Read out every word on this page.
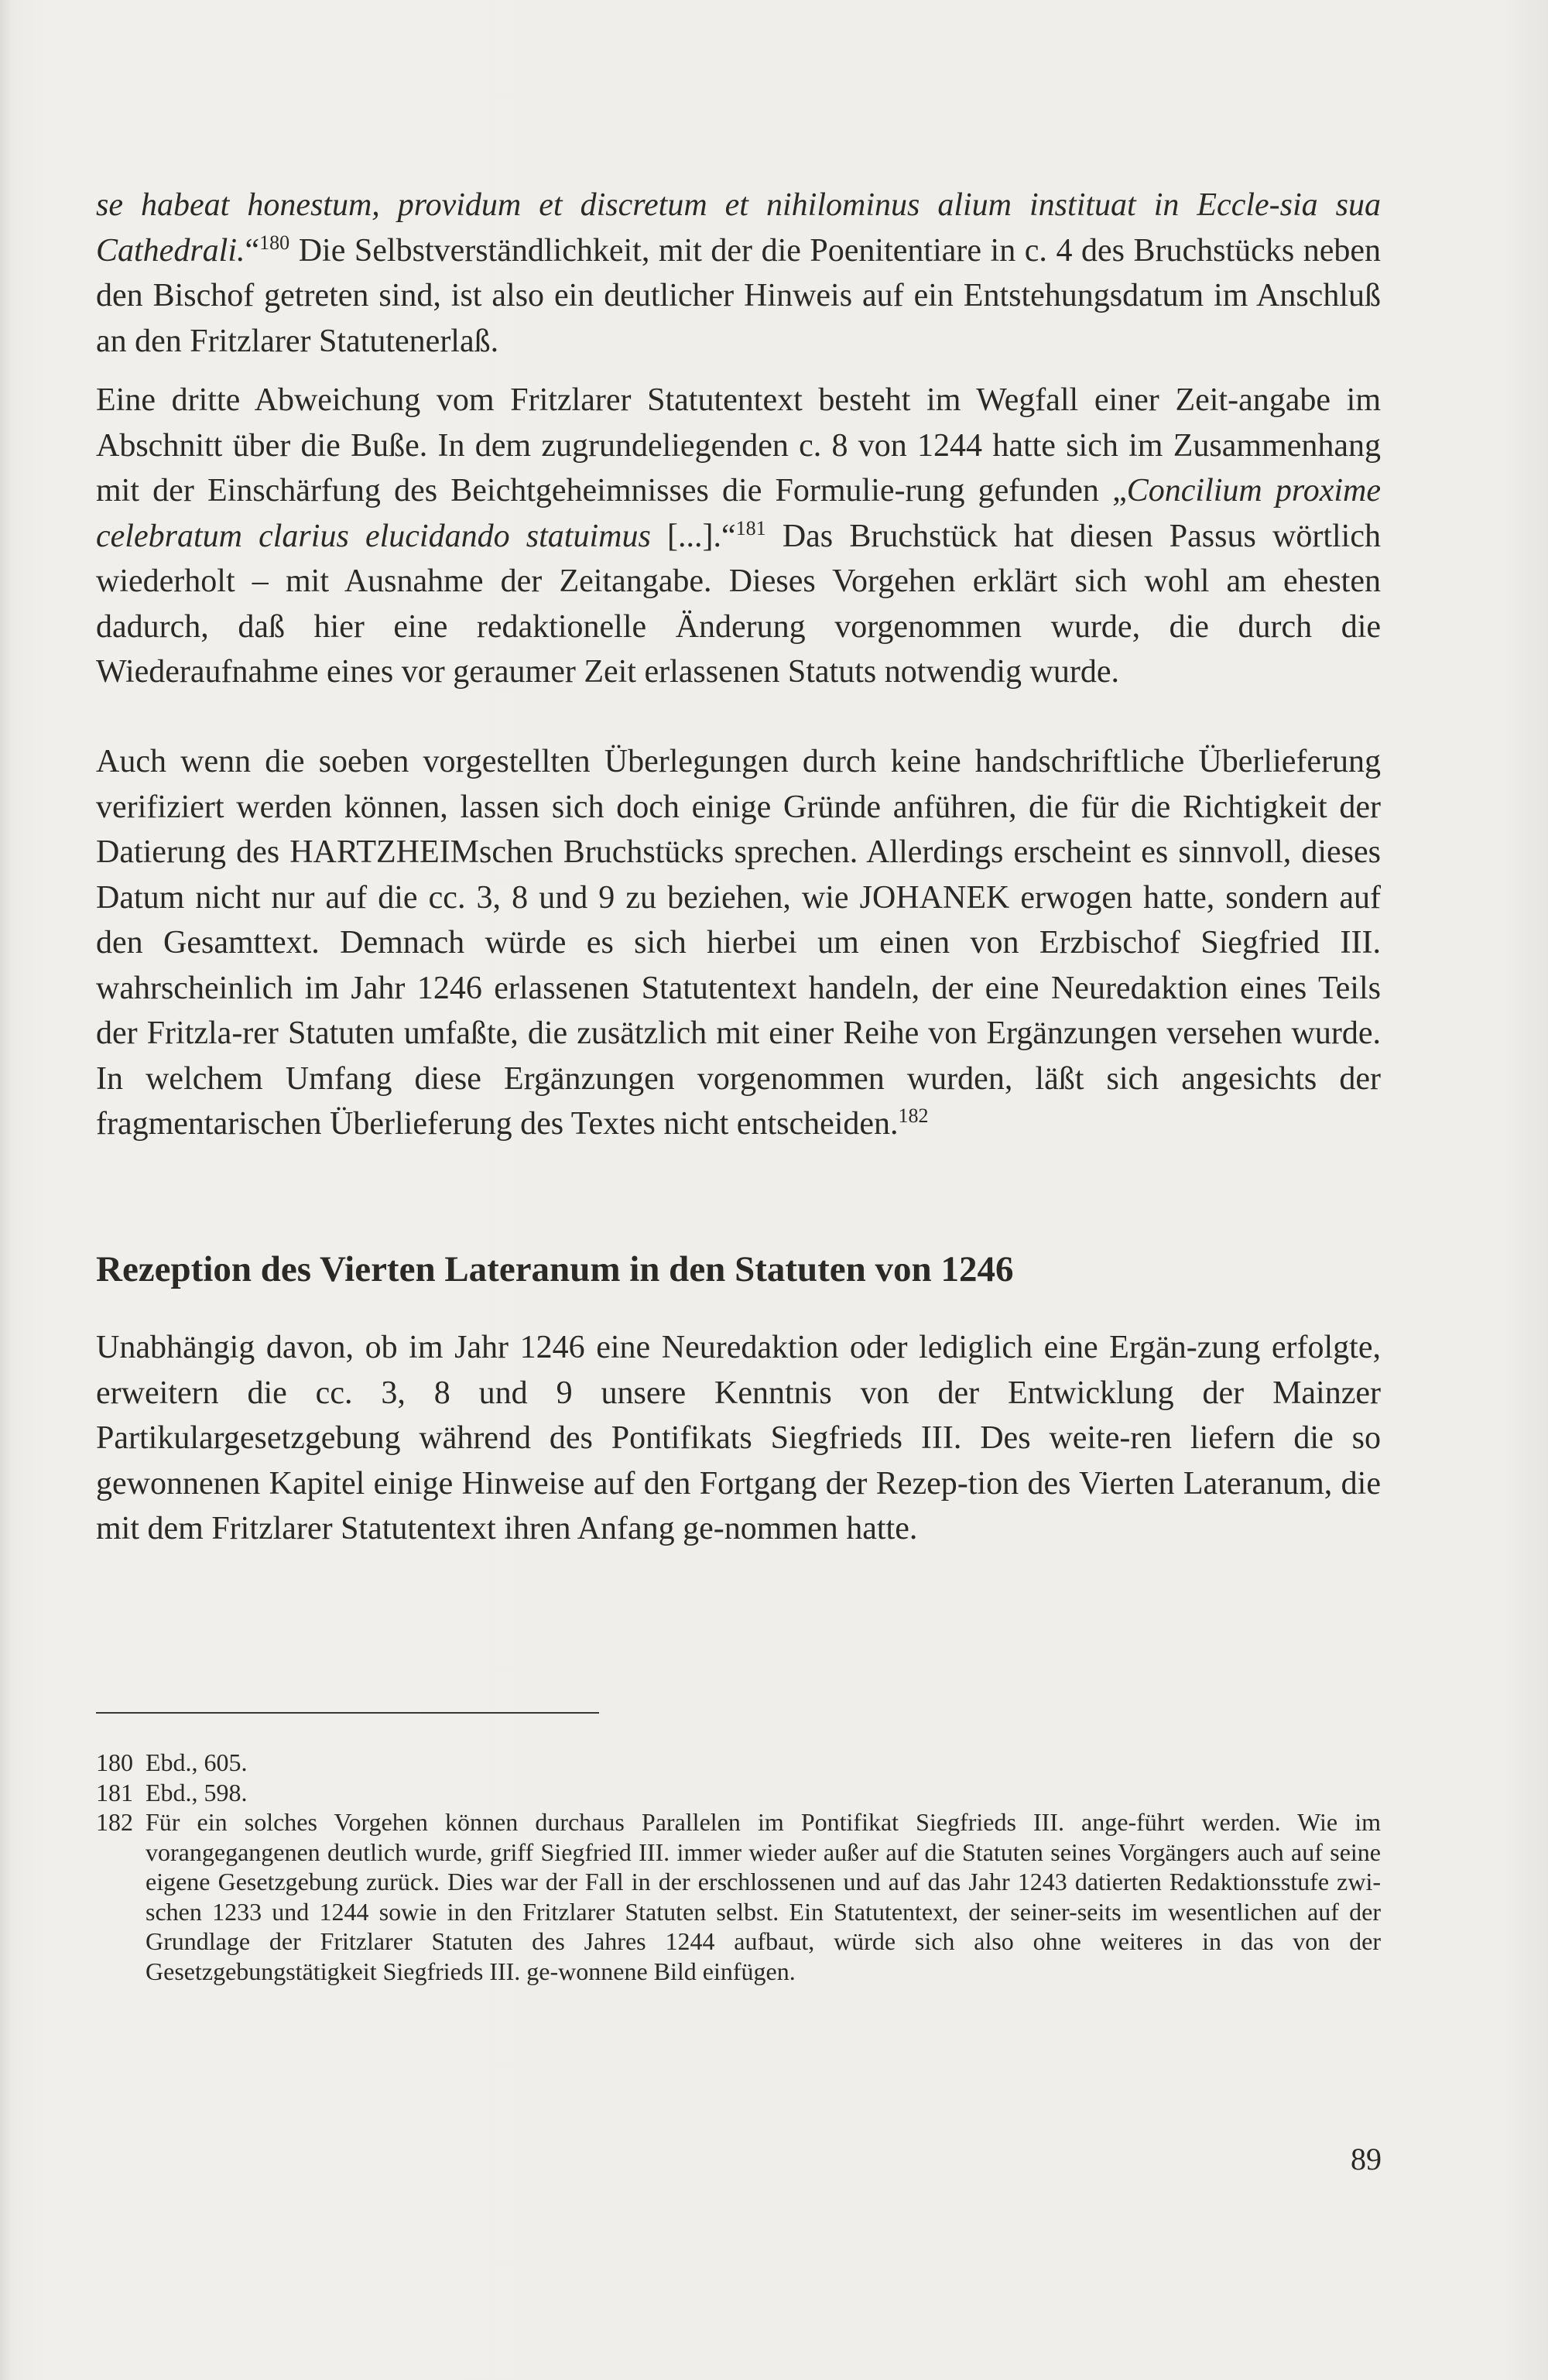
se habeat honestum, providum et discretum et nihilominus alium instituat in Eccle-sia sua Cathedrali.“$^{180}$ Die Selbstverständlichkeit, mit der die Poenitentiare in c. 4 des Bruchstücks neben den Bischof getreten sind, ist also ein deutlicher Hinweis auf ein Entstehungsdatum im Anschluß an den Fritzlarer Statutenerlaß.

Eine dritte Abweichung vom Fritzlarer Statutentext besteht im Wegfall einer Zeit-angabe im Abschnitt über die Buße. In dem zugrundeliegenden c. 8 von 1244 hatte sich im Zusammenhang mit der Einschärfung des Beichtgeheimnisses die Formulie-rung gefunden „Concilium proxime celebratum clarius elucidando statuimus [...].“$^{181}$ Das Bruchstück hat diesen Passus wörtlich wiederholt – mit Ausnahme der Zeitangabe. Dieses Vorgehen erklärt sich wohl am ehesten dadurch, daß hier eine redaktionelle Änderung vorgenommen wurde, die durch die Wiederaufnahme eines vor geraumer Zeit erlassenen Statuts notwendig wurde.

Auch wenn die soeben vorgestellten Überlegungen durch keine handschriftliche Überlieferung verifiziert werden können, lassen sich doch einige Gründe anführen, die für die Richtigkeit der Datierung des HARTZHEIMschen Bruchstücks sprechen. Allerdings erscheint es sinnvoll, dieses Datum nicht nur auf die cc. 3, 8 und 9 zu beziehen, wie JOHANEK erwogen hatte, sondern auf den Gesamttext. Demnach würde es sich hierbei um einen von Erzbischof Siegfried III. wahrscheinlich im Jahr 1246 erlassenen Statutentext handeln, der eine Neuredaktion eines Teils der Fritzla-rer Statuten umfaßte, die zusätzlich mit einer Reihe von Ergänzungen versehen wurde. In welchem Umfang diese Ergänzungen vorgenommen wurden, läßt sich angesichts der fragmentarischen Überlieferung des Textes nicht entscheiden.$^{182}$

Rezeption des Vierten Lateranum in den Statuten von 1246

Unabhängig davon, ob im Jahr 1246 eine Neuredaktion oder lediglich eine Ergän-zung erfolgte, erweitern die cc. 3, 8 und 9 unsere Kenntnis von der Entwicklung der Mainzer Partikulargesetzgebung während des Pontifikats Siegfrieds III. Des weite-ren liefern die so gewonnenen Kapitel einige Hinweise auf den Fortgang der Rezep-tion des Vierten Lateranum, die mit dem Fritzlarer Statutentext ihren Anfang ge-nommen hatte.

180 Ebd., 605.
181 Ebd., 598.
182 Für ein solches Vorgehen können durchaus Parallelen im Pontifikat Siegfrieds III. ange-führt werden. Wie im vorangegangenen deutlich wurde, griff Siegfried III. immer wieder außer auf die Statuten seines Vorgängers auch auf seine eigene Gesetzgebung zurück. Dies war der Fall in der erschlossenen und auf das Jahr 1243 datierten Redaktionsstufe zwi-schen 1233 und 1244 sowie in den Fritzlarer Statuten selbst. Ein Statutentext, der seiner-seits im wesentlichen auf der Grundlage der Fritzlarer Statuten des Jahres 1244 aufbaut, würde sich also ohne weiteres in das von der Gesetzgebungstätigkeit Siegfrieds III. ge-wonnene Bild einfügen.
89
